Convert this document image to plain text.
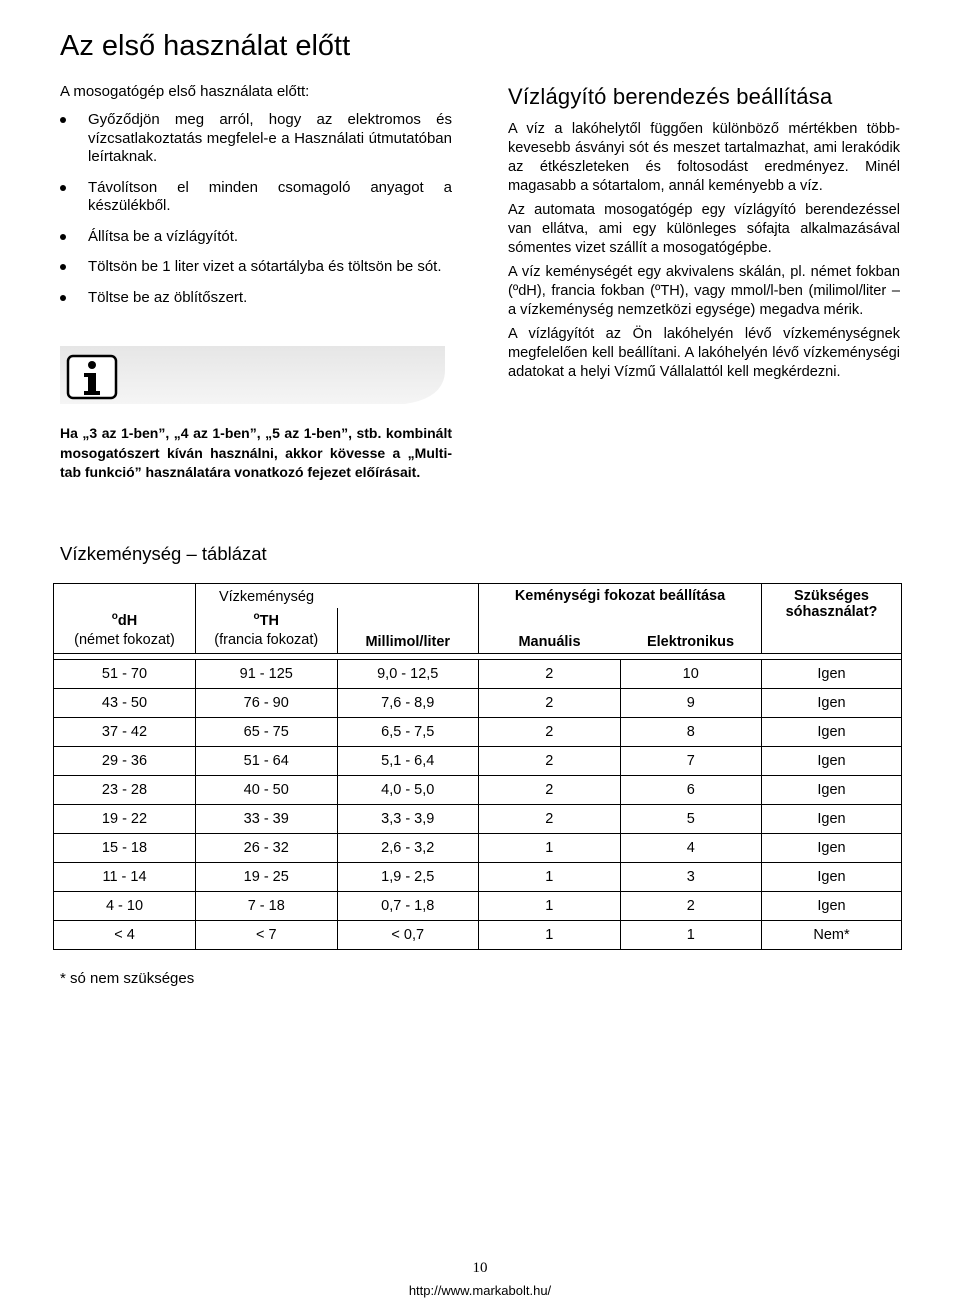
Az első használat előtt
A mosogatógép első használata előtt:
Győződjön meg arról, hogy az elektromos és vízcsatlakoztatás megfelel-e a Használati útmutatóban leírtaknak.
Távolítson el minden csomagoló anyagot a készülékből.
Állítsa be a vízlágyítót.
Töltsön be 1 liter vizet a sótartályba és töltsön be sót.
Töltse be az öblítőszert.
Ha „3 az 1-ben”, „4 az 1-ben”, „5 az 1-ben”, stb. kombinált mosogatószert kíván használni, akkor kövesse a „Multi-tab funkció” használatára vonatkozó fejezet előírásait.
Vízlágyító berendezés beállítása

A víz a lakóhelytől függően különböző mértékben több-kevesebb ásványi sót és meszet tartalmazhat, ami lerakódik az étkészleteken és foltosodást eredményez. Minél magasabb a sótartalom, annál keményebb a víz.

Az automata mosogatógép egy vízlágyító berendezéssel van ellátva, ami egy különleges sófajta alkalmazásával sómentes vizet szállít a mosogatógépbe.

A víz keménységét egy akvivalens skálán, pl. német fokban (ºdH), francia fokban (ºTH), vagy mmol/l-ben (milimol/liter – a vízkeménység nemzetközi egysége) megadva mérik.

A vízlágyítót az Ön lakóhelyén lévő vízkeménységnek megfelelően kell beállítani. A lakóhelyén lévő vízkeménységi adatokat a helyi Vízmű Vállalattól kell megkérdezni.

Vízkeménység – táblázat
	Vízkeménység		Keménységi fokozat beállítása		Szükséges sóhasználat?
$^o$dH
(német fokozat)	$^o$TH
(francia fokozat)	Millimol/liter	Manuális	Elektronikus	

51 - 70	91 - 125	9,0 - 12,5	2	10	Igen
43 - 50	76 - 90	7,6 - 8,9	2	9	Igen
37 - 42	65 - 75	6,5 - 7,5	2	8	Igen
29 - 36	51 - 64	5,1 - 6,4	2	7	Igen
23 - 28	40 - 50	4,0 - 5,0	2	6	Igen
19 - 22	33 - 39	3,3 - 3,9	2	5	Igen
15 - 18	26 - 32	2,6 - 3,2	1	4	Igen
11 - 14	19 - 25	1,9 - 2,5	1	3	Igen
4 - 10	7 - 18	0,7 - 1,8	1	2	Igen
< 4	< 7	< 0,7	1	1	Nem*
* só nem szükséges
10
http://www.markabolt.hu/
